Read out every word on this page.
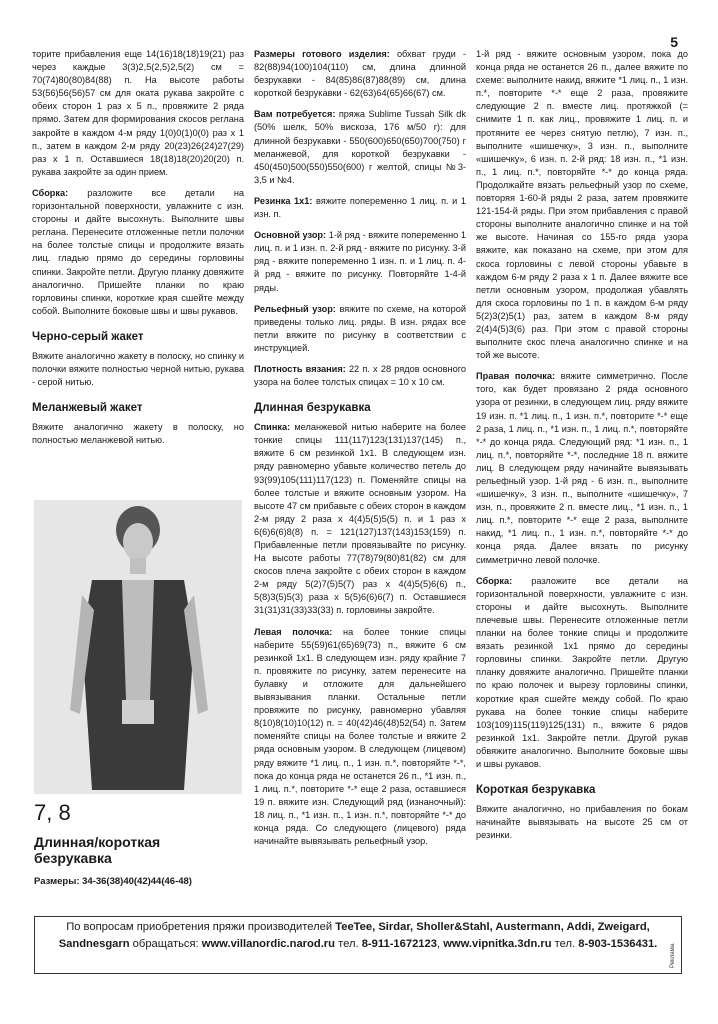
5

торите прибавления еще 14(16)18(18)19(21) раз через каждые 3(3)2,5(2,5)2,5(2) см = 70(74)80(80)84(88) п. На высоте работы 53(56)56(56)57 см для оката рукава закройте с обеих сторон 1 раз х 5 п., провяжите 2 ряда прямо. Затем для формирования скосов реглана закройте в каждом 4-м ряду 1(0)0(1)0(0) раз х 1 п., затем в каждом 2-м ряду 20(23)26(24)27(29) раз х 1 п. Оставшиеся 18(18)18(20)20(20) п. рукава закройте за один прием.

Сборка: разложите все детали на горизонтальной поверхности, увлажните с изн. стороны и дайте высохнуть. Выполните швы реглана. Перенесите отложенные петли полочки на более толстые спицы и продолжите вязать лиц. гладью прямо до середины горловины спинки. Закройте петли. Другую планку довяжите аналогично. Пришейте планки по краю горловины спинки, короткие края сшейте между собой. Выполните боковые швы и швы рукавов.

Черно-серый жакет

Вяжите аналогично жакету в полоску, но спинку и полочки вяжите полностью черной нитью, рукава - серой нитью.

Меланжевый жакет

Вяжите аналогично жакету в полоску, но полностью меланжевой нитью.

7, 8
Длинная/короткая
безрукавка
Размеры: 34-36(38)40(42)44(46-48)

Размеры готового изделия: обхват груди - 82(88)94(100)104(110) см, длина длинной безрукавки - 84(85)86(87)88(89) см, длина короткой безрукавки - 62(63)64(65)66(67) см.

Вам потребуется: пряжа Sublime Tussah Silk dk (50% шелк, 50% вискоза, 176 м/50 г): для длинной безрукавки - 550(600)650(650)700(750) г меланжевой, для короткой безрукавки - 450(450)500(550)550(600) г желтой, спицы №3-3,5 и №4.

Резинка 1х1: вяжите попеременно 1 лиц. п. и 1 изн. п.

Основной узор: 1-й ряд - вяжите попеременно 1 лиц. п. и 1 изн. п. 2-й ряд - вяжите по рисунку. 3-й ряд - вяжите попеременно 1 изн. п. и 1 лиц. п. 4-й ряд - вяжите по рисунку. Повторяйте 1-4-й ряды.

Рельефный узор: вяжите по схеме, на которой приведены только лиц. ряды. В изн. рядах все петли вяжите по рисунку в соответствии с инструкцией.

Плотность вязания: 22 п. х 28 рядов основного узора на более толстых спицах = 10 х 10 см.

Длинная безрукавка

Спинка: меланжевой нитью наберите на более тонкие спицы 111(117)123(131)137(145) п., вяжите 6 см резинкой 1х1. В следующем изн. ряду равномерно убавьте количество петель до 93(99)105(111)117(123) п. Поменяйте спицы на более толстые и вяжите основным узором. На высоте 47 см прибавьте с обеих сторон в каждом 2-м ряду 2 раза х 4(4)5(5)5(5) п. и 1 раз х 6(6)6(6)8(8) п. = 121(127)137(143)153(159) п. Прибавленные петли провязывайте по рисунку. На высоте работы 77(78)79(80)81(82) см для скосов плеча закройте с обеих сторон в каждом 2-м ряду 5(2)7(5)5(7) раз х 4(4)5(5)6(6) п., 5(8)3(5)5(3) раза х 5(5)6(6)6(7) п. Оставшиеся 31(31)31(33)33(33) п. горловины закройте.

Левая полочка: на более тонкие спицы наберите 55(59)61(65)69(73) п., вяжите 6 см резинкой 1х1. В следующем изн. ряду крайние 7 п. провяжите по рисунку, затем перенесите на булавку и отложите для дальнейшего вывязывания планки. Остальные петли провяжите по рисунку, равномерно убавляя 8(10)8(10)10(12) п. = 40(42)46(48)52(54) п. Затем поменяйте спицы на более толстые и вяжите 2 ряда основным узором. В следующем (лицевом) ряду вяжите *1 лиц. п., 1 изн. п.*, повторяйте *-*, пока до конца ряда не останется 26 п., *1 изн. п., 1 лиц. п.*, повторите *-* еще 2 раза, оставшиеся 19 п. вяжите изн. Следующий ряд (изнаночный): 18 лиц. п., *1 изн. п., 1 изн. п.*, повторяйте *-* до конца ряда. Со следующего (лицевого) ряда начинайте вывязывать рельефный узор.

1-й ряд - вяжите основным узором, пока до конца ряда не останется 26 п., далее вяжите по схеме: выполните накид, вяжите *1 лиц. п., 1 изн. п.*, повторите *-* еще 2 раза, провяжите следующие 2 п. вместе лиц. протяжкой (= снимите 1 п. как лиц., провяжите 1 лиц. п. и протяните ее через снятую петлю), 7 изн. п., выполните «шишечку», 3 изн. п., выполните «шишечку», 6 изн. п. 2-й ряд: 18 изн. п., *1 изн. п., 1 лиц. п.*, повторяйте *-* до конца ряда. Продолжайте вязать рельефный узор по схеме, повторяя 1-60-й ряды 2 раза, затем провяжите 121-154-й ряды. При этом прибавления с правой стороны выполните аналогично спинке и на той же высоте. Начиная со 155-го ряда узора вяжите, как показано на схеме, при этом для скоса горловины с левой стороны убавьте в каждом 6-м ряду 2 раза х 1 п. Далее вяжите все петли основным узором, продолжая убавлять для скоса горловины по 1 п. в каждом 6-м ряду 5(2)3(2)5(1) раз, затем в каждом 8-м ряду 2(4)4(5)3(6) раз. При этом с правой стороны выполните скос плеча аналогично спинке и на той же высоте.

Правая полочка: вяжите симметрично. После того, как будет провязано 2 ряда основного узора от резинки, в следующем лиц. ряду вяжите 19 изн. п. *1 лиц. п., 1 изн. п.*, повторите *-* еще 2 раза, 1 лиц. п., *1 изн. п., 1 лиц. п.*, повторяйте *-* до конца ряда. Следующий ряд: *1 изн. п., 1 лиц. п.*, повторяйте *-*, последние 18 п. вяжите лиц. В следующем ряду начинайте вывязывать рельефный узор. 1-й ряд - 6 изн. п., выполните «шишечку», 3 изн. п., выполните «шишечку», 7 изн. п., провяжите 2 п. вместе лиц., *1 изн. п., 1 лиц. п.*, повторите *-* еще 2 раза, выполните накид, *1 лиц. п., 1 изн. п.*, повторяйте *-* до конца ряда. Далее вязать по рисунку симметрично левой полочке.

Сборка: разложите все детали на горизонтальной поверхности, увлажните с изн. стороны и дайте высохнуть. Выполните плечевые швы. Перенесите отложенные петли планки на более тонкие спицы и продолжите вязать резинкой 1х1 прямо до середины горловины спинки. Закройте петли. Другую планку довяжите аналогично. Пришейте планки по краю полочек и вырезу горловины спинки, короткие края сшейте между собой. По краю рукава на более тонкие спицы наберите 103(109)115(119)125(131) п., вяжите 6 рядов резинкой 1х1. Закройте петли. Другой рукав обвяжите аналогично. Выполните боковые швы и швы рукавов.

Короткая безрукавка

Вяжите аналогично, но прибавления по бокам начинайте вывязывать на высоте 25 см от резинки.

По вопросам приобретения пряжи производителей TeeTee, Sirdar, Sholler&Stahl, Austermann, Addi, Zweigard, Sandnesgarn обращаться: www.villanordic.narod.ru тел. 8-911-1672123, www.vipnitka.3dn.ru тел. 8-903-1536431.	Реклама.
